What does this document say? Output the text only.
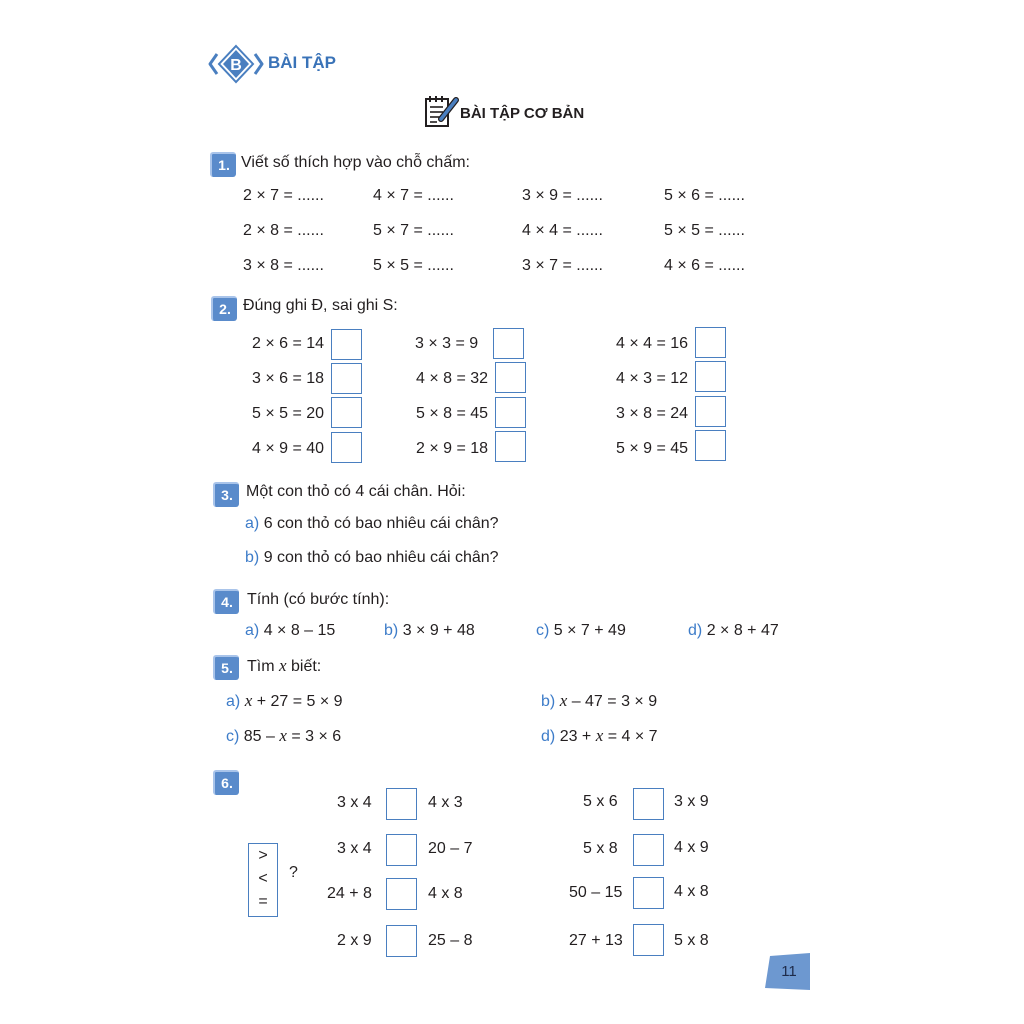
B BÀI TẬP
BÀI TẬP CƠ BẢN
1. Viết số thích hợp vào chỗ chấm:
2 × 7 = ......	4 × 7 = ......	3 × 9 = ......	5 × 6 = ......
2 × 8 = ......	5 × 7 = ......	4 × 4 = ......	5 × 5 = ......
3 × 8 = ......	5 × 5 = ......	3 × 7 = ......	4 × 6 = ......
2. Đúng ghi Đ, sai ghi S:
2 × 6 = 14	3 × 3 = 9	4 × 4 = 16
3 × 6 = 18	4 × 8 = 32	4 × 3 = 12
5 × 5 = 20	5 × 8 = 45	3 × 8 = 24
4 × 9 = 40	2 × 9 = 18	5 × 9 = 45
3. Một con thỏ có 4 cái chân. Hỏi:
a) 6 con thỏ có bao nhiêu cái chân?
b) 9 con thỏ có bao nhiêu cái chân?
4. Tính (có bước tính):
a) 4 × 8 – 15	b) 3 × 9 + 48	c) 5 × 7 + 49	d) 2 × 8 + 47
5. Tìm x biết:
a) x + 27 = 5 × 9	b) x – 47 = 3 × 9
c) 85 – x = 3 × 6	d) 23 + x = 4 × 7
6.
>
<
=
?
3 x 4	4 x 3
3 x 4	20 – 7
24 + 8	4 x 8
2 x 9	25 – 8
5 x 6	3 x 9
5 x 8	4 x 9
50 – 15	4 x 8
27 + 13	5 x 8
11
